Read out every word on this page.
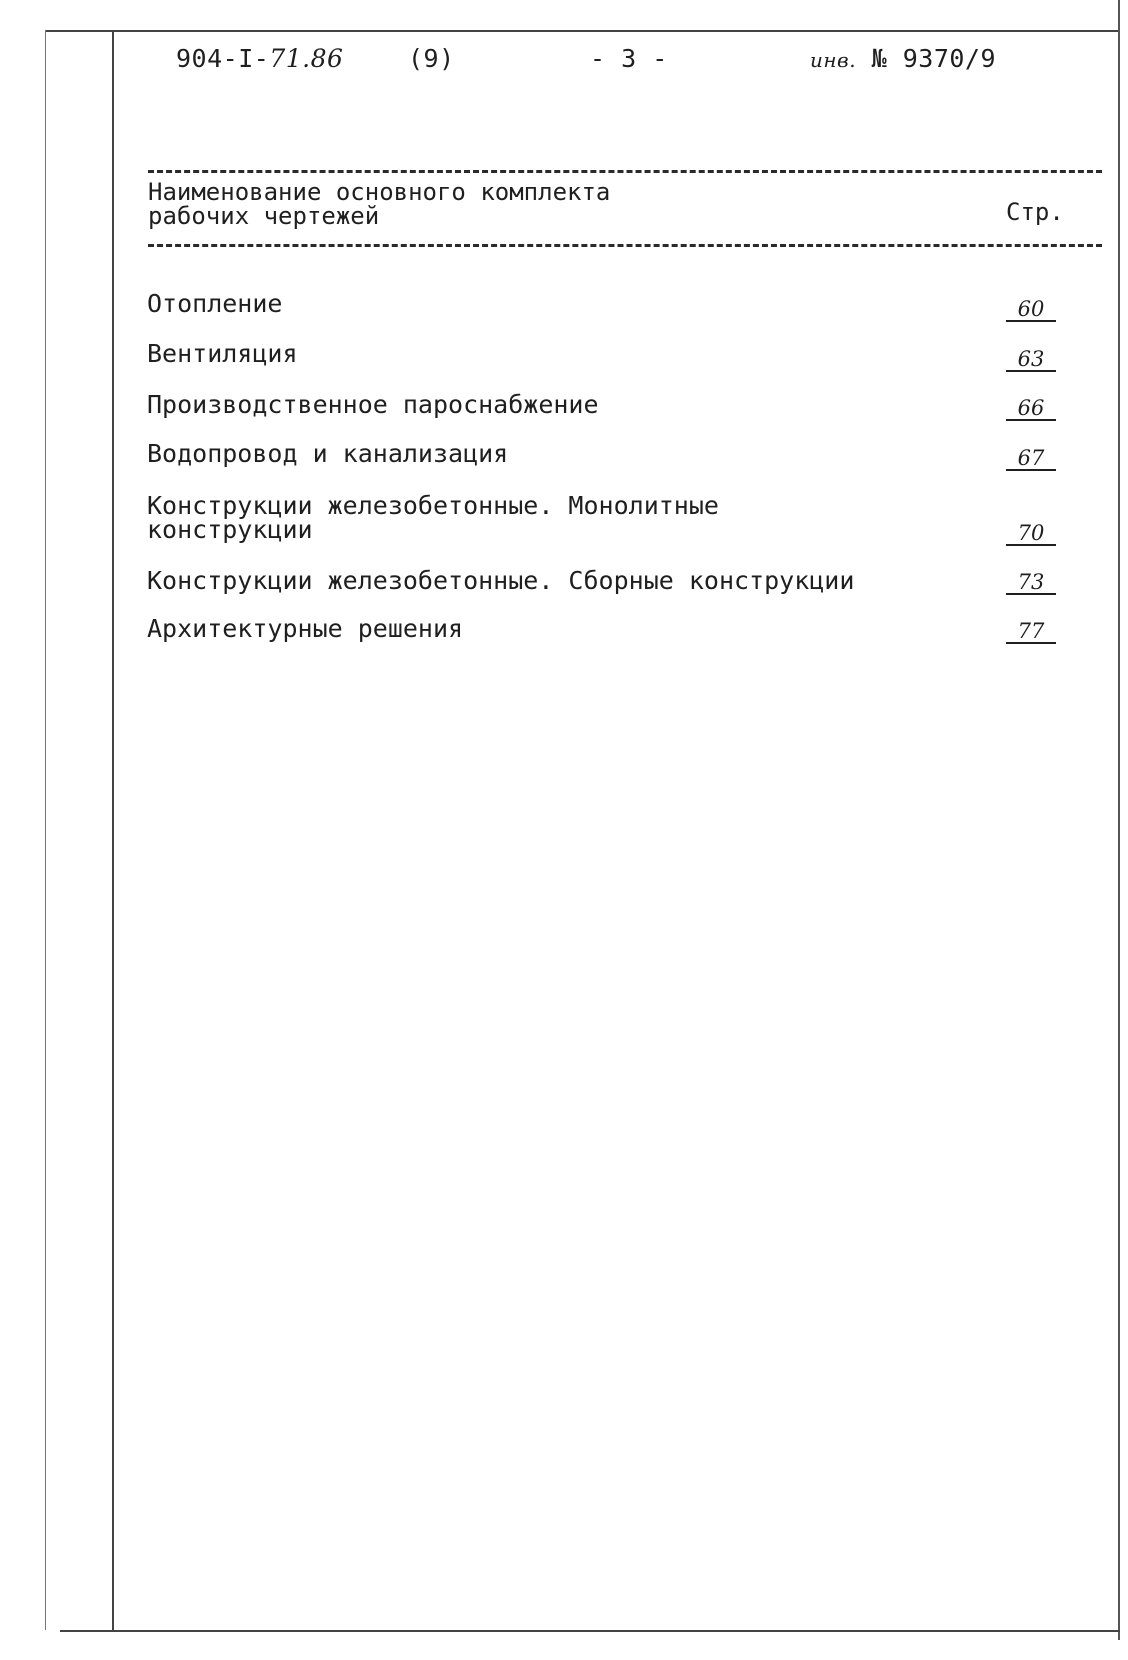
904-I-71.86	(9)	- 3 -	инв. № 9370/9
Наименование основного комплекта
рабочих чертежей	Стр.
Отопление	60
Вентиляция	63
Производственное пароснабжение	66
Водопровод и канализация	67
Конструкции железобетонные. Монолитные
конструкции	70
Конструкции железобетонные. Сборные конструкции	73
Архитектурные решения	77
